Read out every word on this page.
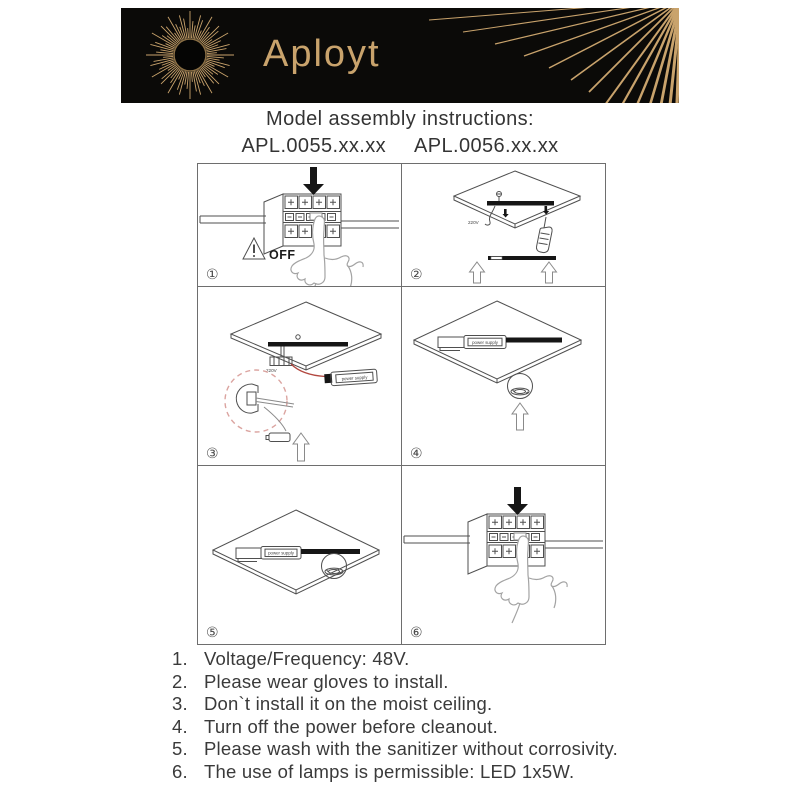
Aployt
Model assembly instructions:
APL.0055.xx.xx APL.0056.xx.xx
OFF
①	220V
②

220V
power supply
③	power supply
④

power supply
⑤	⑥
1. Voltage/Frequency: 48V.
2. Please wear gloves to install.
3. Don`t install it on the moist ceiling.
4. Turn off the power before cleanout.
5. Please wash with the sanitizer without corrosivity.
6. The use of lamps is permissible: LED 1x5W.
